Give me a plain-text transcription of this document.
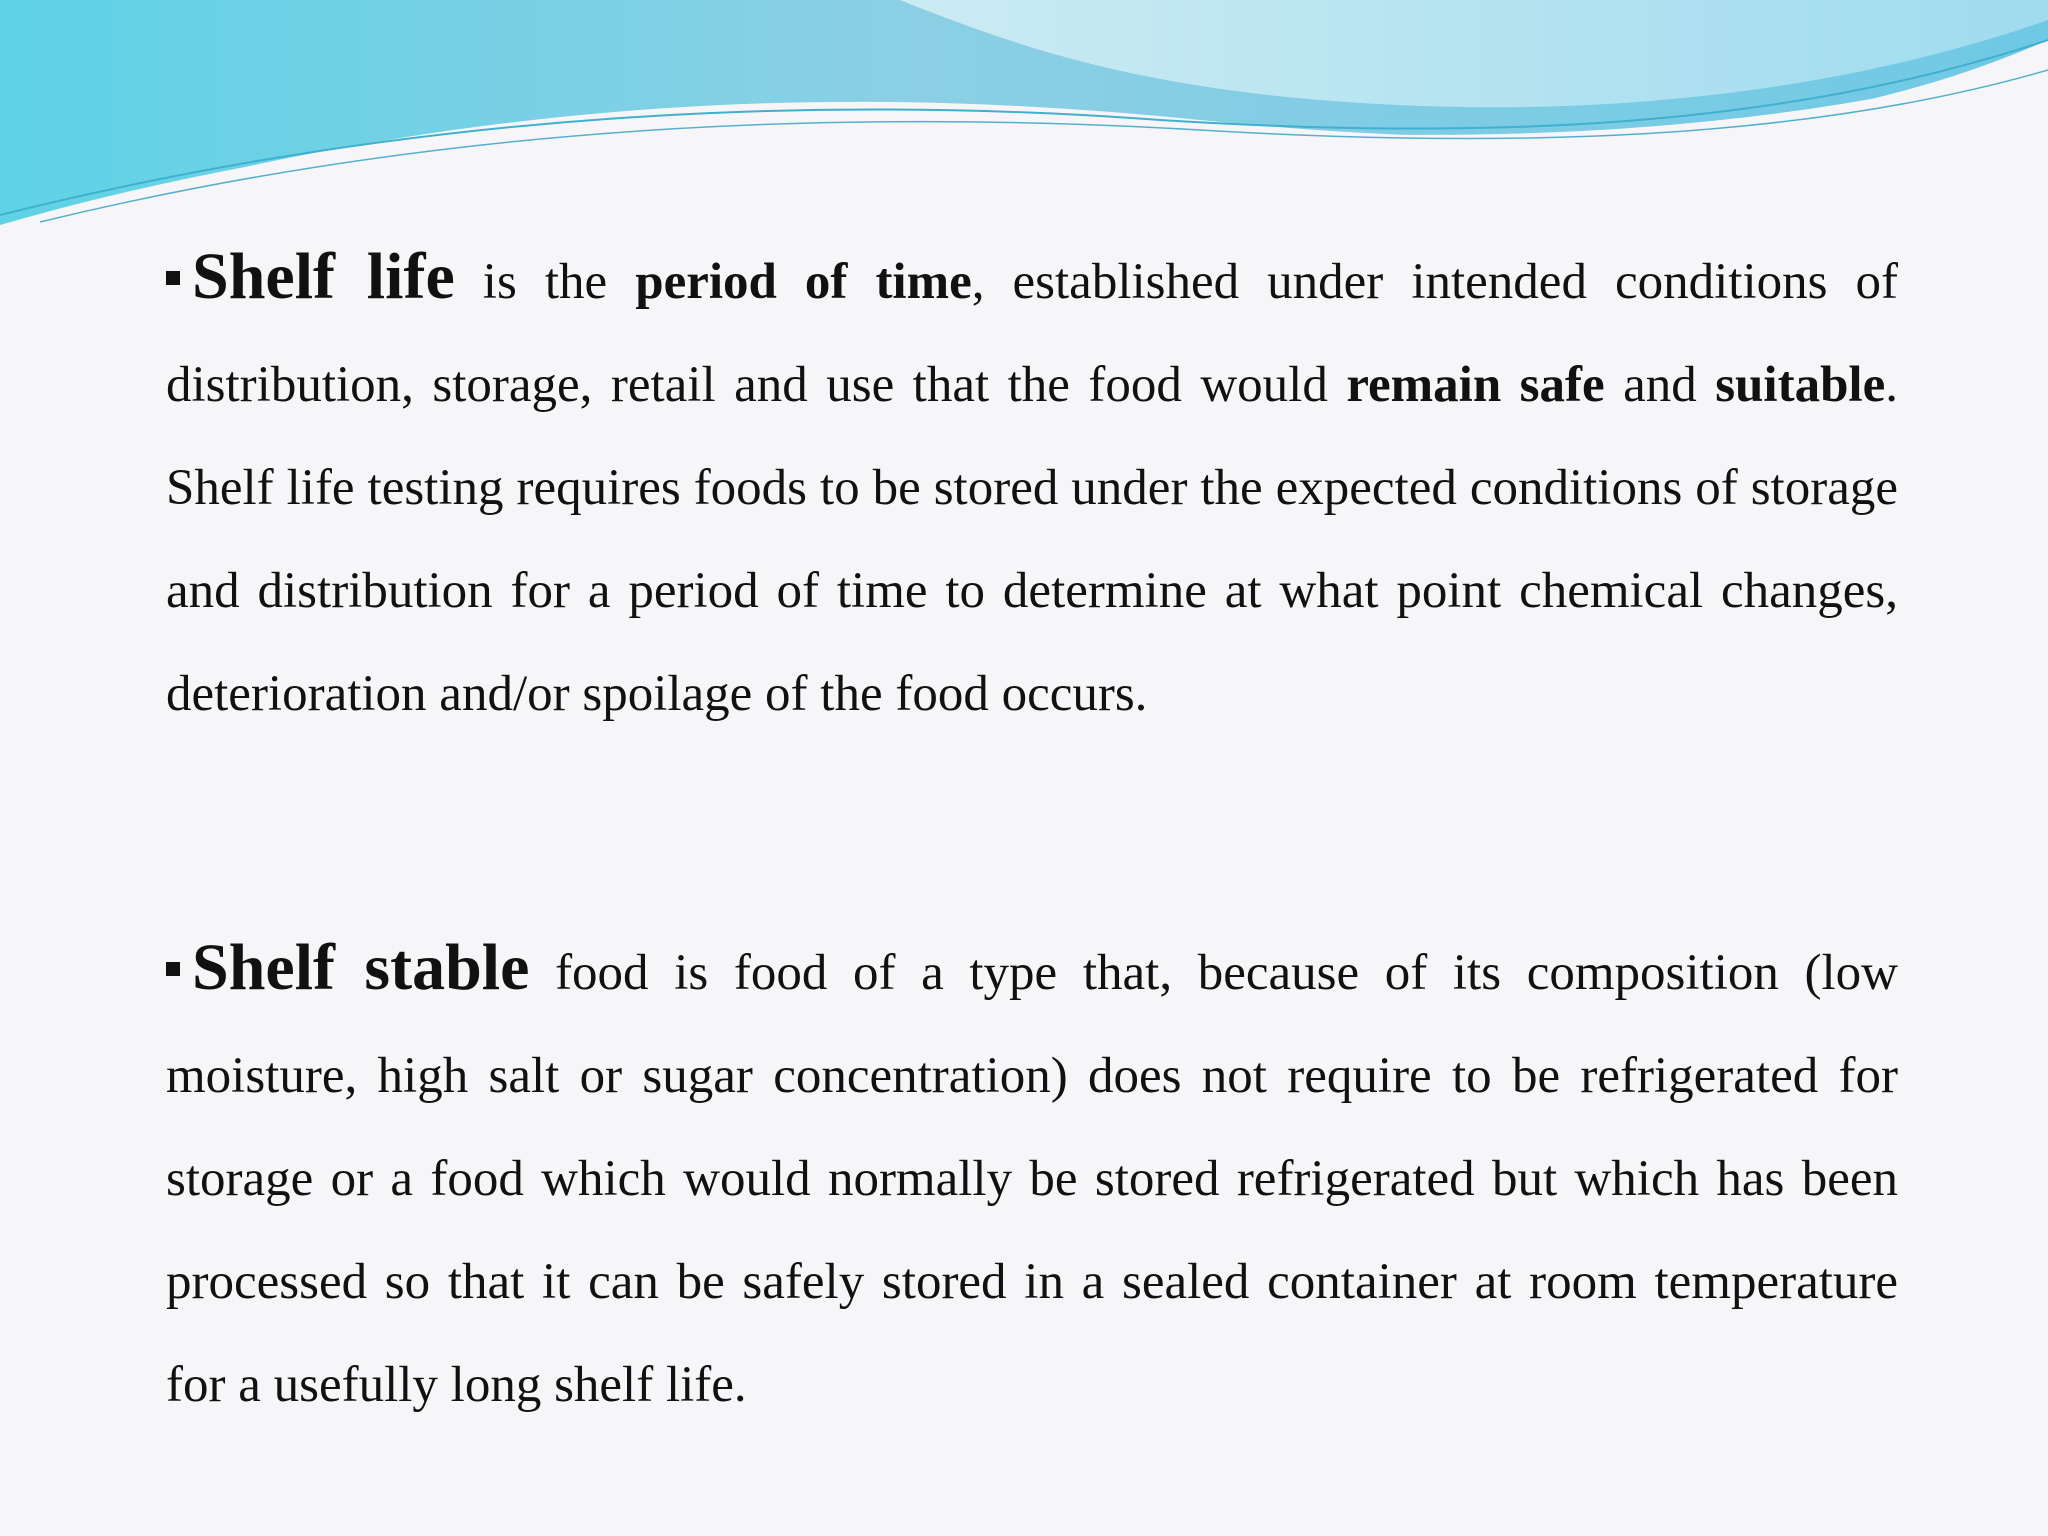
Shelf life is the period of time, established under intended conditions of distribution, storage, retail and use that the food would remain safe and suitable. Shelf life testing requires foods to be stored under the expected conditions of storage and distribution for a period of time to determine at what point chemical changes, deterioration and/or spoilage of the food occurs.
Shelf stable food is food of a type that, because of its composition (low moisture, high salt or sugar concentration) does not require to be refrigerated for storage or a food which would normally be stored refrigerated but which has been processed so that it can be safely stored in a sealed container at room temperature for a usefully long shelf life.
